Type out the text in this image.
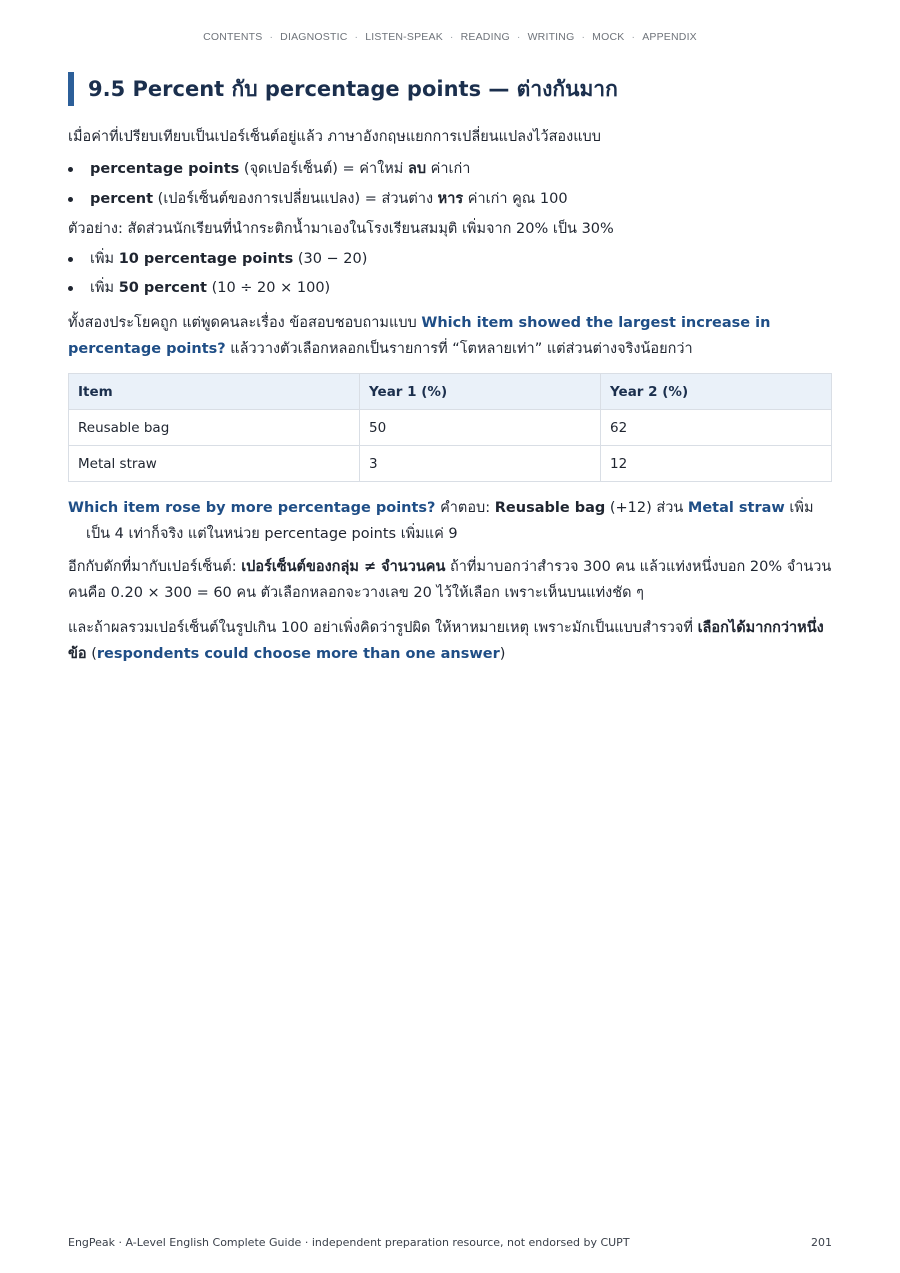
CONTENTS · DIAGNOSTIC · LISTEN-SPEAK · READING · WRITING · MOCK · APPENDIX
9.5 Percent กับ percentage points — ต่างกันมาก

เมื่อค่าที่เปรียบเทียบเป็นเปอร์เซ็นต์อยู่แล้ว ภาษาอังกฤษแยกการเปลี่ยนแปลงไว้สองแบบ

percentage points (จุดเปอร์เซ็นต์) = ค่าใหม่ ลบ ค่าเก่า
percent (เปอร์เซ็นต์ของการเปลี่ยนแปลง) = ส่วนต่าง หาร ค่าเก่า คูณ 100

ตัวอย่าง: สัดส่วนนักเรียนที่นำกระติกน้ำมาเองในโรงเรียนสมมุติ เพิ่มจาก 20% เป็น 30%

เพิ่ม 10 percentage points (30 − 20)
เพิ่ม 50 percent (10 ÷ 20 × 100)

ทั้งสองประโยคถูก แต่พูดคนละเรื่อง ข้อสอบชอบถามแบบ Which item showed the largest increase in percentage points? แล้ววางตัวเลือกหลอกเป็นรายการที่ “โตหลายเท่า” แต่ส่วนต่างจริงน้อยกว่า

Item	Year 1 (%)	Year 2 (%)
Reusable bag	50	62
Metal straw	3	12

Which item rose by more percentage points? คำตอบ: Reusable bag (+12) ส่วน Metal straw เพิ่มเป็น 4 เท่าก็จริง แต่ในหน่วย percentage points เพิ่มแค่ 9

อีกกับดักที่มากับเปอร์เซ็นต์: เปอร์เซ็นต์ของกลุ่ม ≠ จำนวนคน ถ้าที่มาบอกว่าสำรวจ 300 คน แล้วแท่งหนึ่งบอก 20% จำนวนคนคือ 0.20 × 300 = 60 คน ตัวเลือกหลอกจะวางเลข 20 ไว้ให้เลือก เพราะเห็นบนแท่งชัด ๆ

และถ้าผลรวมเปอร์เซ็นต์ในรูปเกิน 100 อย่าเพิ่งคิดว่ารูปผิด ให้หาหมายเหตุ เพราะมักเป็นแบบสำรวจที่ เลือกได้มากกว่าหนึ่งข้อ (respondents could choose more than one answer)

EngPeak · A-Level English Complete Guide · independent preparation resource, not endorsed by CUPT	201
